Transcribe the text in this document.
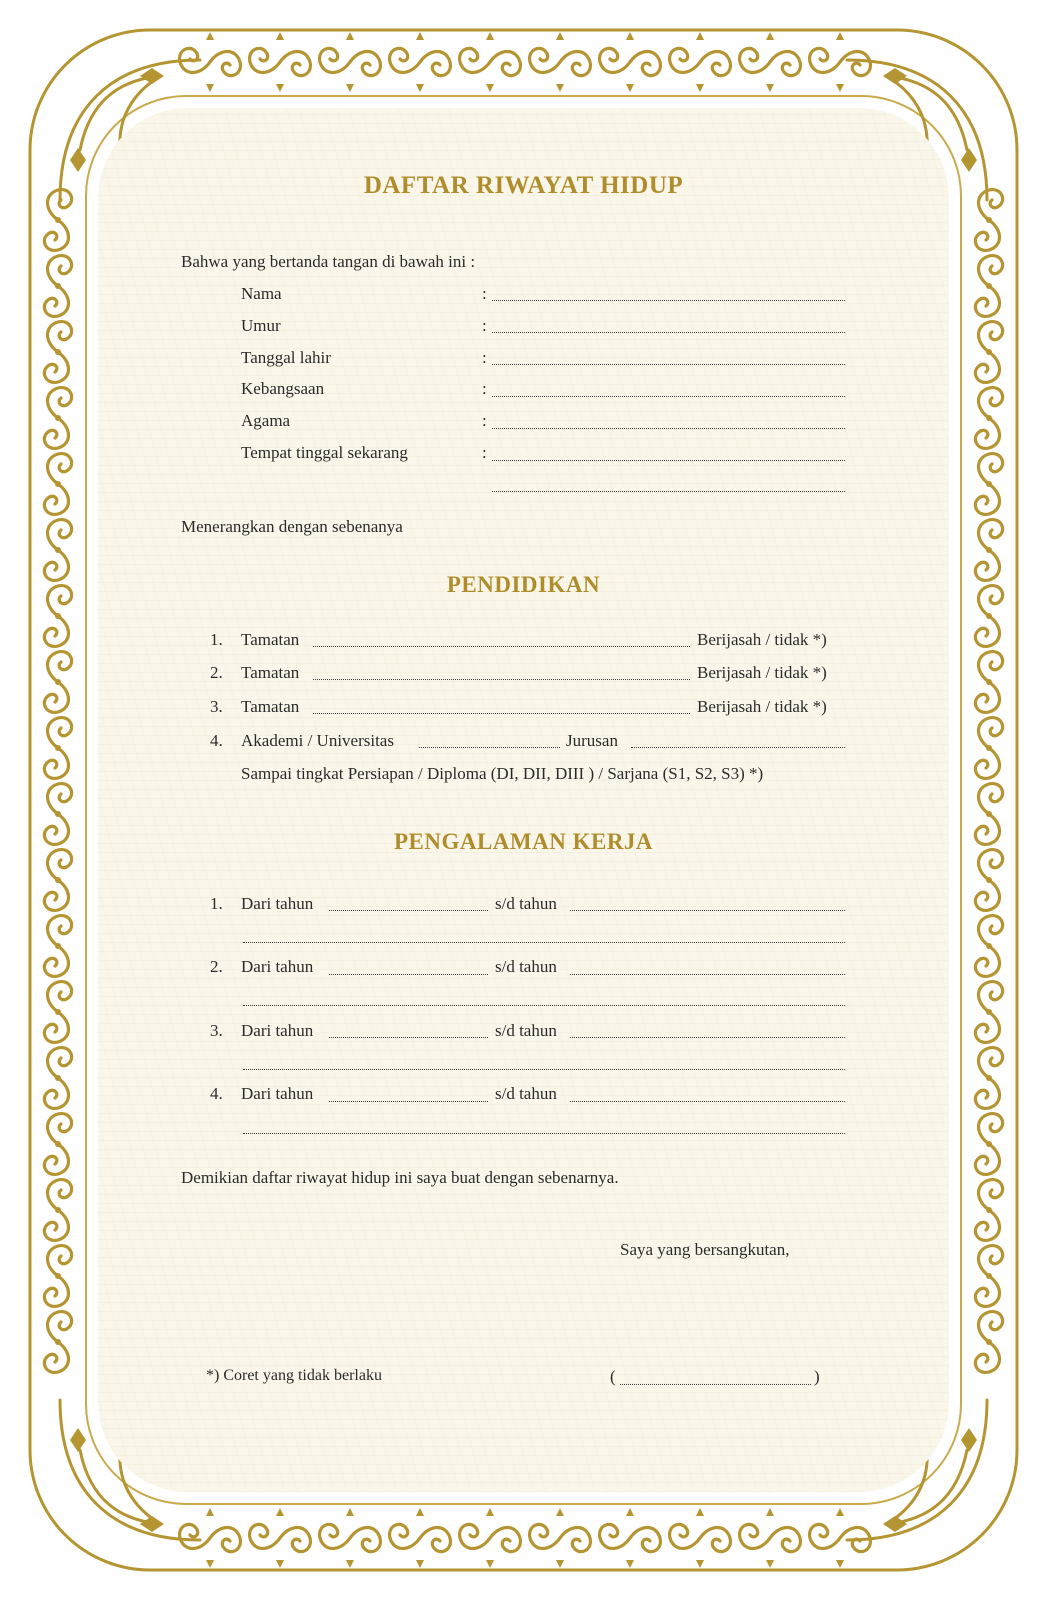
DAFTAR RIWAYAT HIDUP
Bahwa yang bertanda tangan di bawah ini :
Nama	:
Umur	:
Tanggal lahir	:
Kebangsaan	:
Agama	:
Tempat tinggal sekarang	:
Menerangkan dengan sebenanya
PENDIDIKAN
1. Tamatan	Berijasah / tidak *)
2. Tamatan	Berijasah / tidak *)
3. Tamatan	Berijasah / tidak *)
4. Akademi / Universitas	Jurusan
Sampai tingkat Persiapan / Diploma (DI, DII, DIII ) / Sarjana (S1, S2, S3) *)
PENGALAMAN KERJA
1. Dari tahun	s/d tahun
2. Dari tahun	s/d tahun
3. Dari tahun	s/d tahun
4. Dari tahun	s/d tahun
Demikian daftar riwayat hidup ini saya buat dengan sebenarnya.
Saya yang bersangkutan,
*) Coret yang tidak berlaku	(	)
